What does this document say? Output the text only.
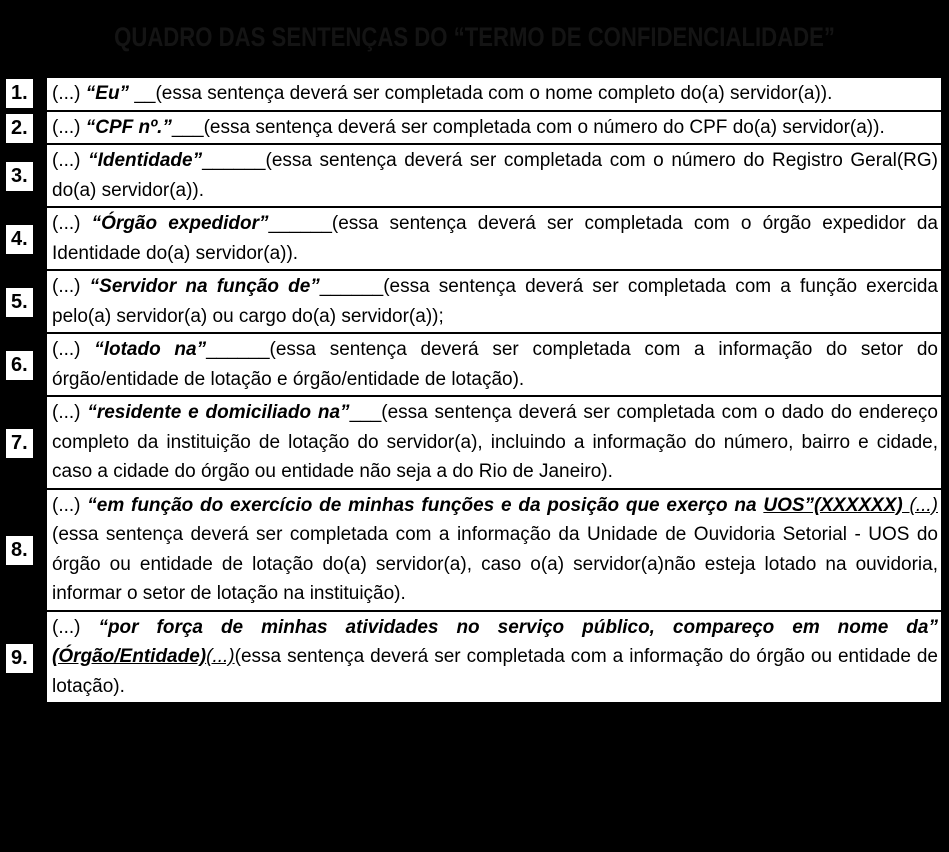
QUADRO DAS SENTENÇAS DO “TERMO DE CONFIDENCIALIDADE”
1. (...) “Eu” __(essa sentença deverá ser completada com o nome completo do(a) servidor(a)).
2. (...) “CPF nº.”___(essa sentença deverá ser completada com o número do CPF do(a) servidor(a)).
3.
(...) “Identidade”______(essa sentença deverá ser completada com o número do Registro Geral(RG) do(a) servidor(a)).
4.
(...) “Órgão expedidor”______(essa sentença deverá ser completada com o órgão expedidor da Identidade do(a) servidor(a)).
5.
(...) “Servidor na função de”______(essa sentença deverá ser completada com a função exercida pelo(a) servidor(a) ou cargo do(a) servidor(a));
6.
(...) “lotado na”______(essa sentença deverá ser completada com a informação do setor do órgão/entidade de lotação e órgão/entidade de lotação).
7.
(...) “residente e domiciliado na”___(essa sentença deverá ser completada com o dado do endereço completo da instituição de lotação do servidor(a), incluindo a informação do número, bairro e cidade, caso a cidade do órgão ou entidade não seja a do Rio de Janeiro).
8.
(...) “em função do exercício de minhas funções e da posição que exerço na UOS”(XXXXXX) (...)(essa sentença deverá ser completada com a informação da Unidade de Ouvidoria Setorial - UOS do órgão ou entidade de lotação do(a) servidor(a), caso o(a) servidor(a)não esteja lotado na ouvidoria, informar o setor de lotação na instituição).
9.
(...) “por força de minhas atividades no serviço público, compareço em nome da” (Órgão/Entidade)(...)(essa sentença deverá ser completada com a informação do órgão ou entidade de lotação).
